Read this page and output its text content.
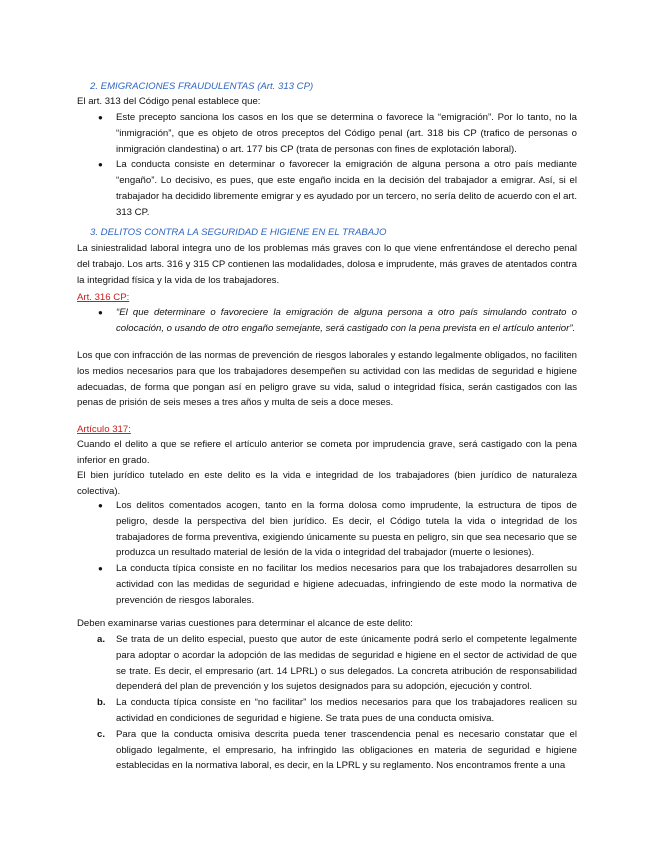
2. EMIGRACIONES FRAUDULENTAS (Art. 313 CP)

El art. 313 del Código penal establece que:

● Este precepto sanciona los casos en los que se determina o favorece la “emigración”. Por lo tanto, no la “inmigración”, que es objeto de otros preceptos del Código penal (art. 318 bis CP (trafico de personas o inmigración clandestina) o art. 177 bis CP (trata de personas con fines de explotación laboral).
● La conducta consiste en determinar o favorecer la emigración de alguna persona a otro país mediante “engaño”. Lo decisivo, es pues, que este engaño incida en la decisión del trabajador a emigrar. Así, si el trabajador ha decidido libremente emigrar y es ayudado por un tercero, no sería delito de acuerdo con el art. 313 CP.
3. DELITOS CONTRA LA SEGURIDAD E HIGIENE EN EL TRABAJO

La siniestralidad laboral integra uno de los problemas más graves con lo que viene enfrentándose el derecho penal del trabajo. Los arts. 316 y 315 CP contienen las modalidades, dolosa e imprudente, más graves de atentados contra la integridad física y la vida de los trabajadores.

Art. 316 CP:
● “El que determinare o favoreciere la emigración de alguna persona a otro país simulando contrato o colocación, o usando de otro engaño semejante, será castigado con la pena prevista en el artículo anterior”.

Los que con infracción de las normas de prevención de riesgos laborales y estando legalmente obligados, no faciliten los medios necesarios para que los trabajadores desempeñen su actividad con las medidas de seguridad e higiene adecuadas, de forma que pongan así en peligro grave su vida, salud o integridad física, serán castigados con las penas de prisión de seis meses a tres años y multa de seis a doce meses.

Artículo 317:

Cuando el delito a que se refiere el artículo anterior se cometa por imprudencia grave, será castigado con la pena inferior en grado.

El bien jurídico tutelado en este delito es la vida e integridad de los trabajadores (bien jurídico de naturaleza colectiva).

● Los delitos comentados acogen, tanto en la forma dolosa como imprudente, la estructura de tipos de peligro, desde la perspectiva del bien jurídico. Es decir, el Código tutela la vida o integridad de los trabajadores de forma preventiva, exigiendo únicamente su puesta en peligro, sin que sea necesario que se produzca un resultado material de lesión de la vida o integridad del trabajador (muerte o lesiones).
● La conducta típica consiste en no facilitar los medios necesarios para que los trabajadores desarrollen su actividad con las medidas de seguridad e higiene adecuadas, infringiendo de este modo la normativa de prevención de riesgos laborales.

Deben examinarse varias cuestiones para determinar el alcance de este delito:

a. Se trata de un delito especial, puesto que autor de este únicamente podrá serlo el competente legalmente para adoptar o acordar la adopción de las medidas de seguridad e higiene en el sector de actividad de que se trate. Es decir, el empresario (art. 14 LPRL) o sus delegados. La concreta atribución de responsabilidad dependerá del plan de prevención y los sujetos designados para su adopción, ejecución y control.
b. La conducta típica consiste en “no facilitar” los medios necesarios para que los trabajadores realicen su actividad en condiciones de seguridad e higiene. Se trata pues de una conducta omisiva.
c. Para que la conducta omisiva descrita pueda tener trascendencia penal es necesario constatar que el obligado legalmente, el empresario, ha infringido las obligaciones en materia de seguridad e higiene establecidas en la normativa laboral, es decir, en la LPRL y su reglamento. Nos encontramos frente a una
